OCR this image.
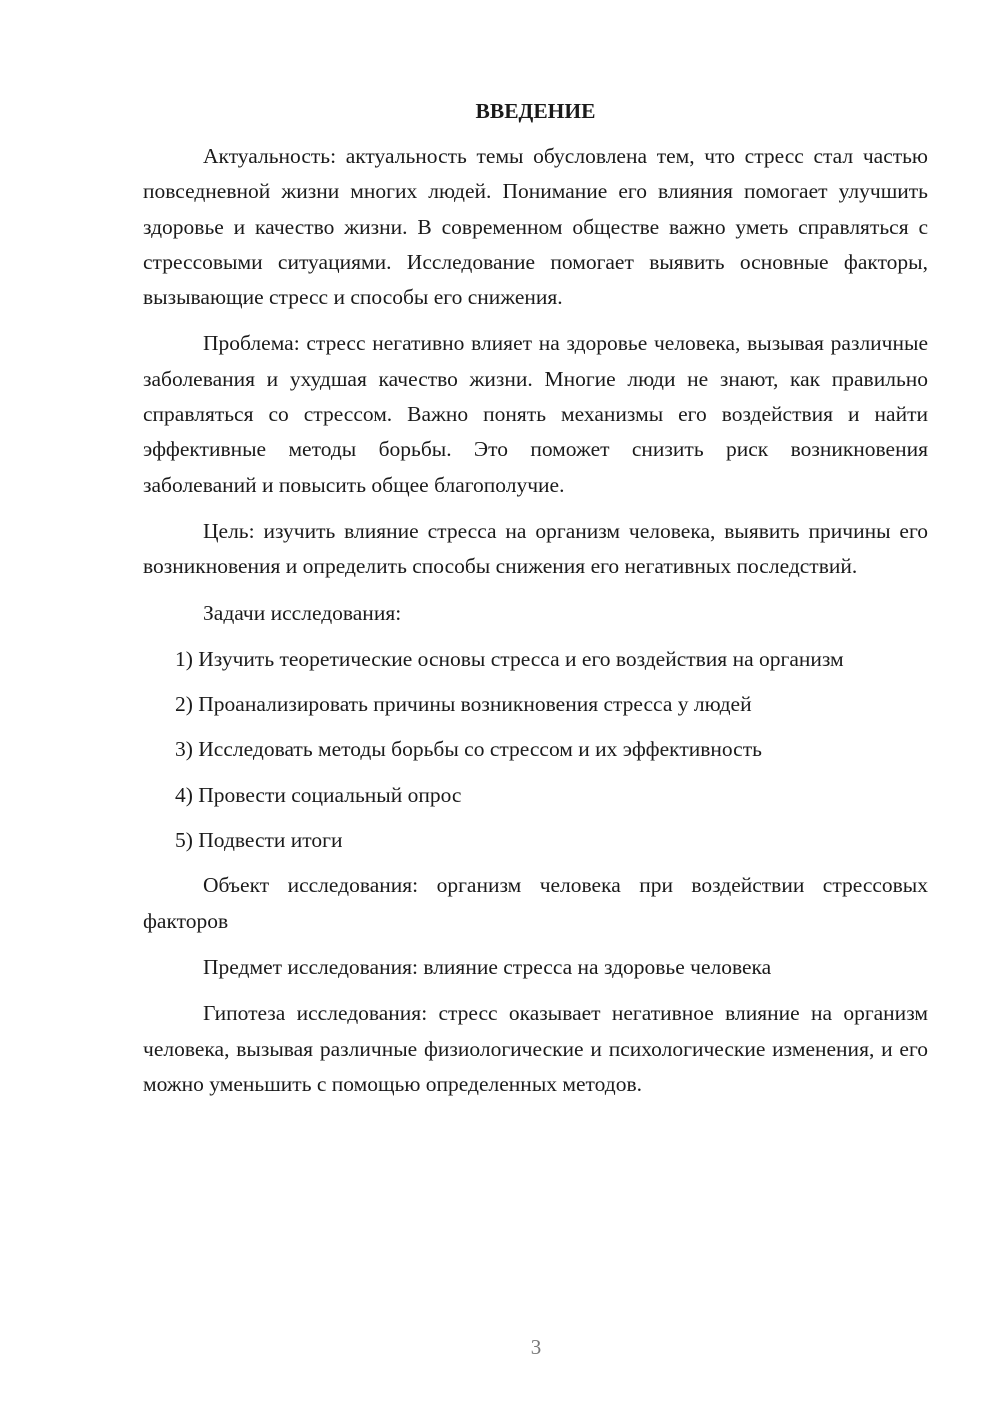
ВВЕДЕНИЕ

Актуальность: актуальность темы обусловлена тем, что стресс стал частью повседневной жизни многих людей. Понимание его влияния помогает улучшить здоровье и качество жизни. В современном обществе важно уметь справляться с стрессовыми ситуациями. Исследование помогает выявить основные факторы, вызывающие стресс и способы его снижения.

Проблема: стресс негативно влияет на здоровье человека, вызывая различные заболевания и ухудшая качество жизни. Многие люди не знают, как правильно справляться со стрессом. Важно понять механизмы его воздействия и найти эффективные методы борьбы. Это поможет снизить риск возникновения заболеваний и повысить общее благополучие.

Цель: изучить влияние стресса на организм человека, выявить причины его возникновения и определить способы снижения его негативных последствий.

Задачи исследования:

1) Изучить теоретические основы стресса и его воздействия на организм

2) Проанализировать причины возникновения стресса у людей

3) Исследовать методы борьбы со стрессом и их эффективность

4) Провести социальный опрос

5) Подвести итоги

Объект исследования: организм человека при воздействии стрессовых факторов

Предмет исследования: влияние стресса на здоровье человека

Гипотеза исследования: стресс оказывает негативное влияние на организм человека, вызывая различные физиологические и психологические изменения, и его можно уменьшить с помощью определенных методов.

3
